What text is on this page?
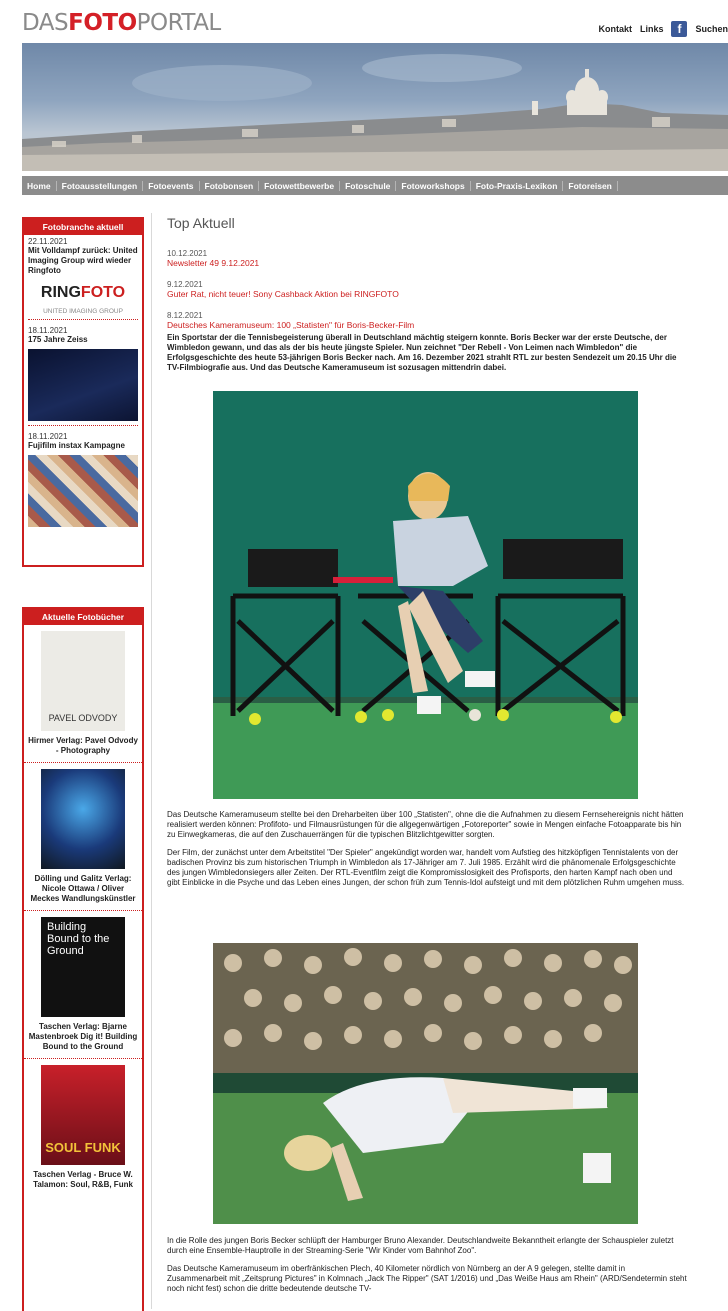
DASFOTOPORTAL	Kontakt Links	f	Suchen
Home	Fotoausstellungen	Fotoevents	Fotobonsen	Fotowettbewerbe	Fotoschule	Fotoworkshops	Foto-Praxis-Lexikon	Fotoreisen
Fotobranche aktuell
22.11.2021
Mit Volldampf zurück: United Imaging Group wird wieder Ringfoto
RINGFOTO
UNITED IMAGING GROUP
18.11.2021
175 Jahre Zeiss
18.11.2021
Fujifilm instax Kampagne
Aktuelle Fotobücher
PAVEL ODVODY
Hirmer Verlag: Pavel Odvody - Photography
Dölling und Galitz Verlag: Nicole Ottawa / Oliver Meckes Wandlungskünstler
Building Bound to the Ground
Taschen Verlag: Bjarne Mastenbroek Dig it! Building Bound to the Ground
SOUL FUNK
Taschen Verlag - Bruce W. Talamon: Soul, R&B, Funk
Top Aktuell
10.12.2021
Newsletter 49 9.12.2021
9.12.2021
Guter Rat, nicht teuer! Sony Cashback Aktion bei RINGFOTO
8.12.2021
Deutsches Kameramuseum: 100 „Statisten" für Boris-Becker-Film

Ein Sportstar der die Tennisbegeisterung überall in Deutschland mächtig steigern konnte. Boris Becker war der erste Deutsche, der Wimbledon gewann, und das als der bis heute jüngste Spieler. Nun zeichnet "Der Rebell - Von Leimen nach Wimbledon" die Erfolgsgeschichte des heute 53-jährigen Boris Becker nach. Am 16. Dezember 2021 strahlt RTL zur besten Sendezeit um 20.15 Uhr die TV-Filmbiografie aus. Und das Deutsche Kameramuseum ist sozusagen mittendrin dabei.

Das Deutsche Kameramuseum stellte bei den Dreharbeiten über 100 „Statisten", ohne die die Aufnahmen zu diesem Fernsehereignis nicht hätten realisiert werden können: Profifoto- und Filmausrüstungen für die allgegenwärtigen „Fotoreporter" sowie in Mengen einfache Fotoapparate bis hin zu Einwegkameras, die auf den Zuschauerrängen für die typischen Blitzlichtgewitter sorgten.

Der Film, der zunächst unter dem Arbeitstitel "Der Spieler" angekündigt worden war, handelt vom Aufstieg des hitzköpfigen Tennistalents von der badischen Provinz bis zum historischen Triumph in Wimbledon als 17-Jähriger am 7. Juli 1985. Erzählt wird die phänomenale Erfolgsgeschichte des jungen Wimbledonsiegers aller Zeiten. Der RTL-Eventfilm zeigt die Kompromisslosigkeit des Profisports, den harten Kampf nach oben und gibt Einblicke in die Psyche und das Leben eines Jungen, der schon früh zum Tennis-Idol aufsteigt und mit dem plötzlichen Ruhm umgehen muss.

In die Rolle des jungen Boris Becker schlüpft der Hamburger Bruno Alexander. Deutschlandweite Bekanntheit erlangte der Schauspieler zuletzt durch eine Ensemble-Hauptrolle in der Streaming-Serie "Wir Kinder vom Bahnhof Zoo".

Das Deutsche Kameramuseum im oberfränkischen Plech, 40 Kilometer nördlich von Nürnberg an der A 9 gelegen, stellte damit in Zusammenarbeit mit „Zeitsprung Pictures" in Kolmnach „Jack The Ripper" (SAT 1/2016) und „Das Weiße Haus am Rhein" (ARD/Sendetermin steht noch nicht fest) schon die dritte bedeutende deutsche TV-
